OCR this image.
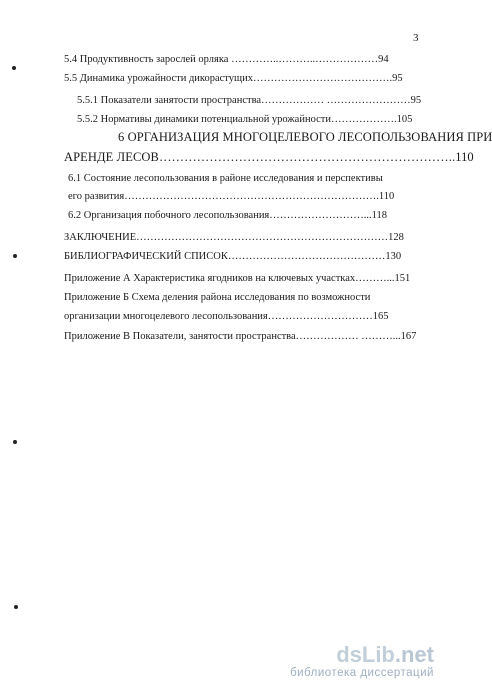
3
5.4 Продуктивность зарослей орляка …………..………..………………94
5.5 Динамика урожайности дикорастущих………………………………….95
5.5.1 Показатели занятости пространства……………… ……………………95
5.5.2 Нормативы динамики потенциальной урожайности……………….105
6 ОРГАНИЗАЦИЯ МНОГОЦЕЛЕВОГО ЛЕСОПОЛЬЗОВАНИЯ ПРИ
АРЕНДЕ ЛЕСОВ……………………………………………………………..110
6.1 Состояние лесопользования в районе исследования и перспективы
его развития……………………………………………………………….110
6.2 Организация побочного лесопользования………………………...118
ЗАКЛЮЧЕНИЕ………………………………………………………………128
БИБЛИОГРАФИЧЕСКИЙ СПИСОК………………………………………130
Приложение А Характеристика ягодников на ключевых участках………...151
Приложение Б Схема деления района исследования по возможности
организации многоцелевого лесопользования…………………………165
Приложение В Показатели, занятости пространства……………… ………...167
dsLib.net
библиотека диссертаций
